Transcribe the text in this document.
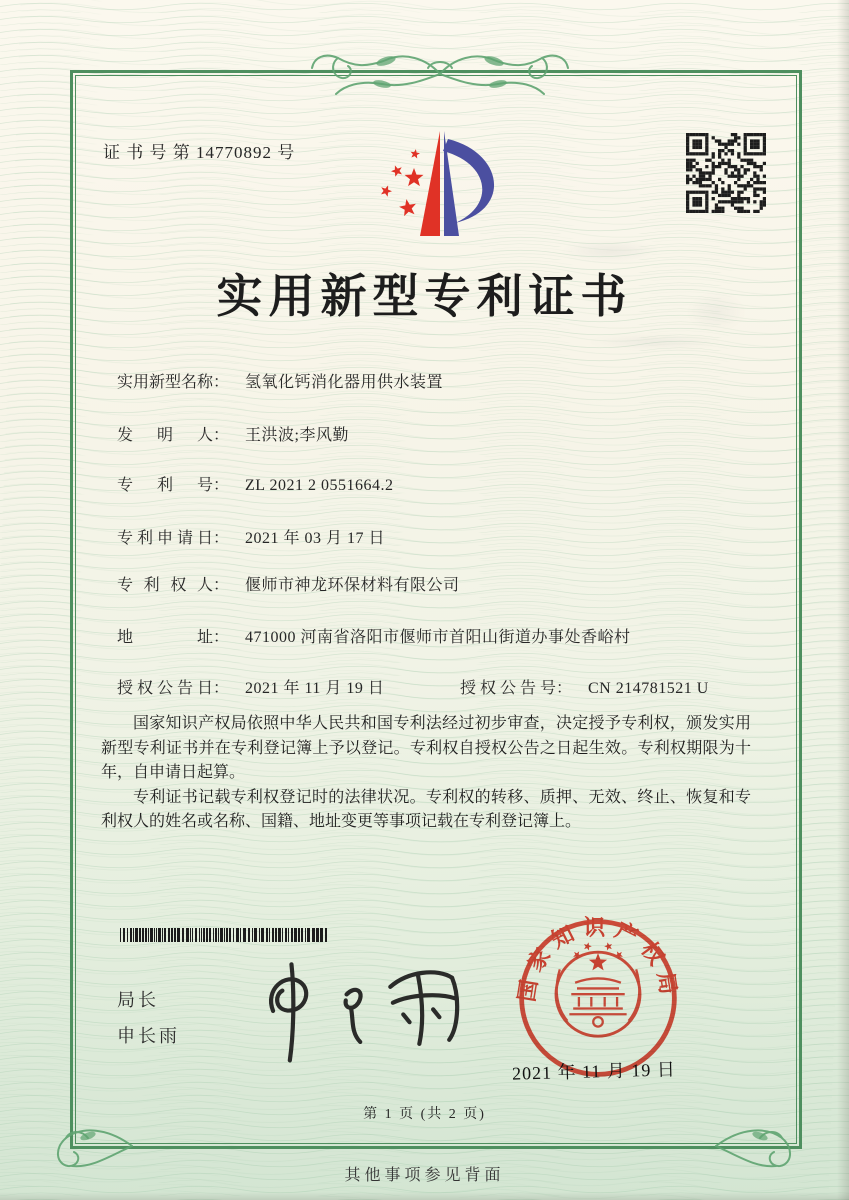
证 书 号 第 14770892 号
实用新型专利证书
实用新型名称： 氢氧化钙消化器用供水装置
发明人： 王洪波;李风勤
专利号： ZL 2021 2 0551664.2
专利申请日： 2021 年 03 月 17 日
专利权人： 偃师市神龙环保材料有限公司
地址： 471000 河南省洛阳市偃师市首阳山街道办事处香峪村
授权公告日： 2021 年 11 月 19 日	授权公告号： CN 214781521 U

国家知识产权局依照中华人民共和国专利法经过初步审查，决定授予专利权，颁发实用新型专利证书并在专利登记簿上予以登记。专利权自授权公告之日起生效。专利权期限为十年，自申请日起算。

专利证书记载专利权登记时的法律状况。专利权的转移、质押、无效、终止、恢复和专利权人的姓名或名称、国籍、地址变更等事项记载在专利登记簿上。

局长
申长雨
国家知识产权局
2021 年 11 月 19 日
第 1 页 (共 2 页)
其他事项参见背面
